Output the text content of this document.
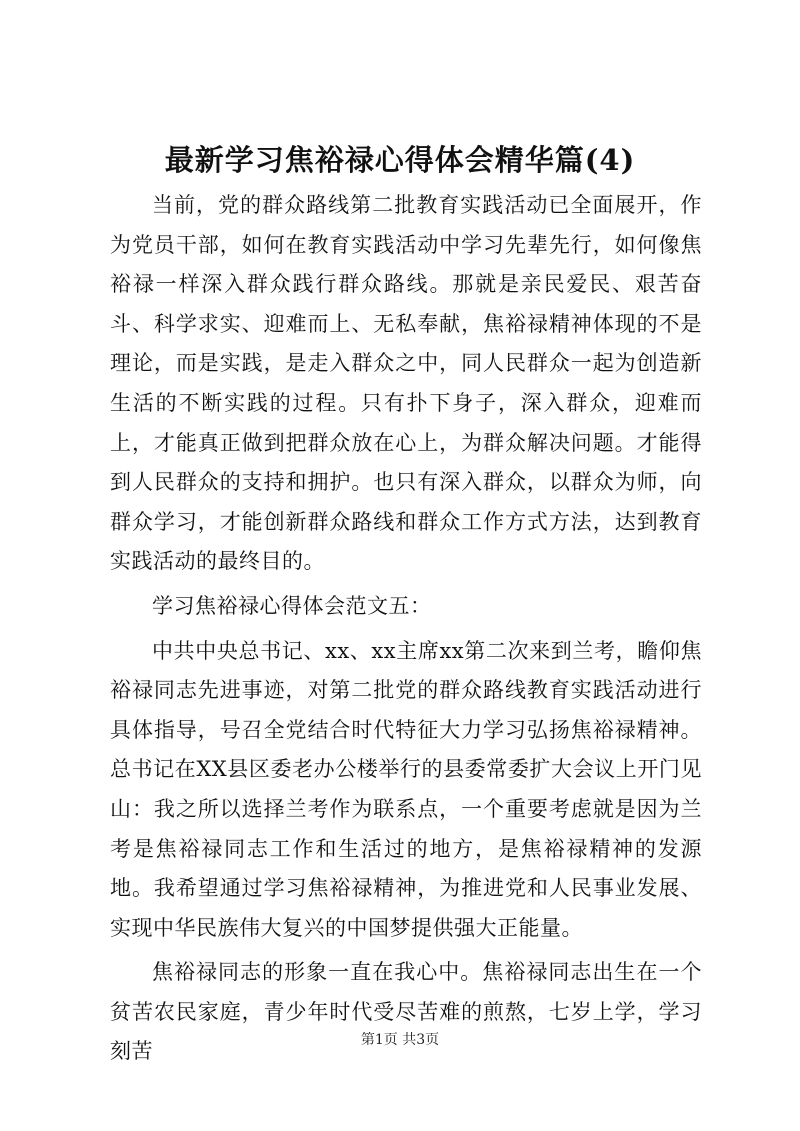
最新学习焦裕禄心得体会精华篇(4)

当前，党的群众路线第二批教育实践活动已全面展开，作为党员干部，如何在教育实践活动中学习先辈先行，如何像焦裕禄一样深入群众践行群众路线。那就是亲民爱民、艰苦奋斗、科学求实、迎难而上、无私奉献，焦裕禄精神体现的不是理论，而是实践，是走入群众之中，同人民群众一起为创造新生活的不断实践的过程。只有扑下身子，深入群众，迎难而上，才能真正做到把群众放在心上，为群众解决问题。才能得到人民群众的支持和拥护。也只有深入群众，以群众为师，向群众学习，才能创新群众路线和群众工作方式方法，达到教育实践活动的最终目的。

学习焦裕禄心得体会范文五：

中共中央总书记、xx、xx主席xx第二次来到兰考，瞻仰焦裕禄同志先进事迹，对第二批党的群众路线教育实践活动进行具体指导，号召全党结合时代特征大力学习弘扬焦裕禄精神。总书记在XX县区委老办公楼举行的县委常委扩大会议上开门见山：我之所以选择兰考作为联系点，一个重要考虑就是因为兰考是焦裕禄同志工作和生活过的地方，是焦裕禄精神的发源地。我希望通过学习焦裕禄精神，为推进党和人民事业发展、实现中华民族伟大复兴的中国梦提供强大正能量。

焦裕禄同志的形象一直在我心中。焦裕禄同志出生在一个贫苦农民家庭，青少年时代受尽苦难的煎熬，七岁上学，学习刻苦	第1页 共3页
